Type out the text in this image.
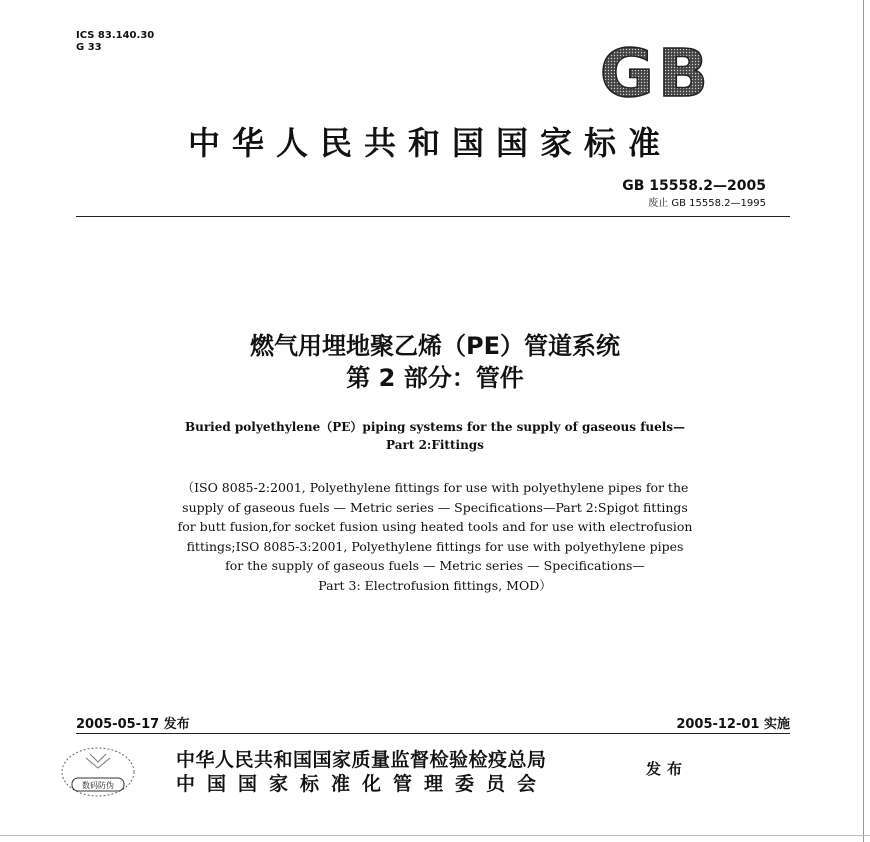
ICS 83.140.30
G 33	GB
中华人民共和国国家标准
GB 15558.2—2005
废止 GB 15558.2—1995
燃气用埋地聚乙烯（PE）管道系统
第 2 部分：管件
Buried polyethylene（PE）piping systems for the supply of gaseous fuels—
Part 2:Fittings
（ISO 8085-2:2001, Polyethylene fittings for use with polyethylene pipes for the
supply of gaseous fuels — Metric series — Specifications—Part 2:Spigot fittings
for butt fusion,for socket fusion using heated tools and for use with electrofusion
fittings;ISO 8085-3:2001, Polyethylene fittings for use with polyethylene pipes
for the supply of gaseous fuels — Metric series — Specifications—
Part 3: Electrofusion fittings, MOD）
2005-05-17 发布	2005-12-01 实施
数码防伪
中华人民共和国国家质量监督检验检疫总局
中国国家标准化管理委员会
发布
